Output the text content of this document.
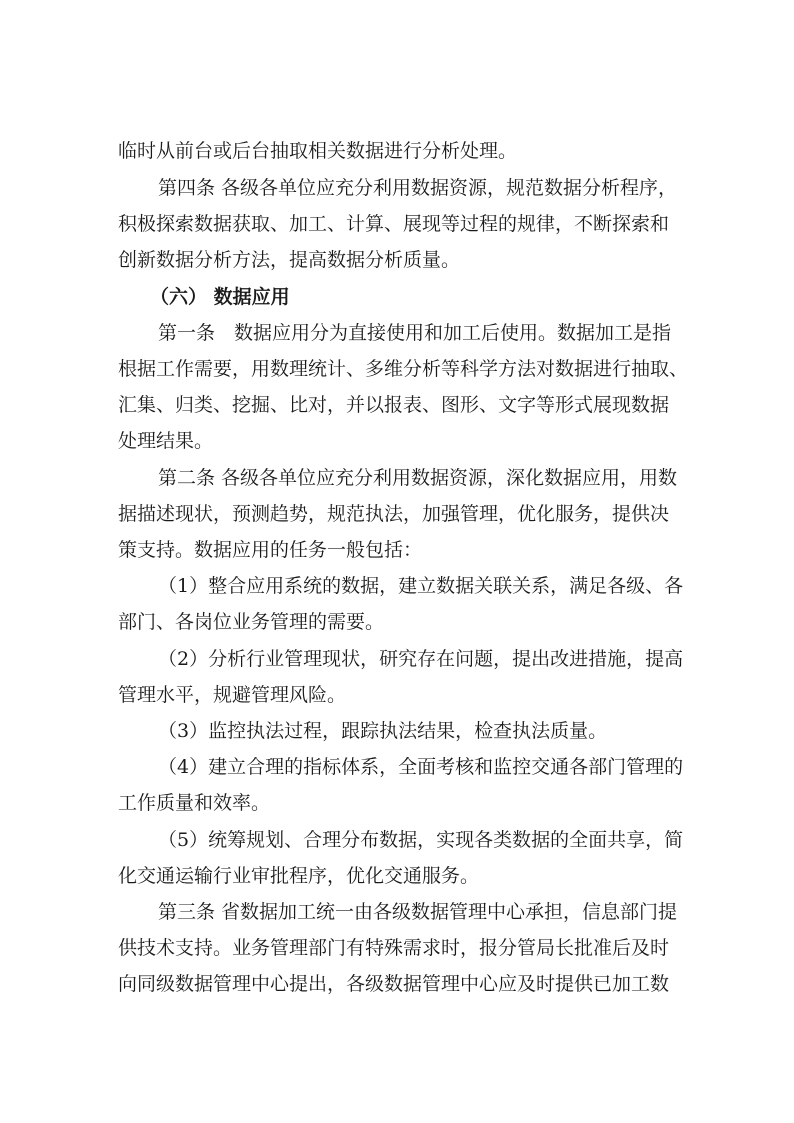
临时从前台或后台抽取相关数据进行分析处理。
第四条 各级各单位应充分利用数据资源，规范数据分析程序，
积极探索数据获取、加工、计算、展现等过程的规律，不断探索和
创新数据分析方法，提高数据分析质量。
（六） 数据应用
第一条　数据应用分为直接使用和加工后使用。数据加工是指
根据工作需要，用数理统计、多维分析等科学方法对数据进行抽取、
汇集、归类、挖掘、比对，并以报表、图形、文字等形式展现数据
处理结果。
第二条 各级各单位应充分利用数据资源，深化数据应用，用数
据描述现状，预测趋势，规范执法，加强管理，优化服务，提供决
策支持。数据应用的任务一般包括：
（1）整合应用系统的数据，建立数据关联关系，满足各级、各
部门、各岗位业务管理的需要。
（2）分析行业管理现状，研究存在问题，提出改进措施，提高
管理水平，规避管理风险。
（3）监控执法过程，跟踪执法结果，检查执法质量。
（4）建立合理的指标体系，全面考核和监控交通各部门管理的
工作质量和效率。
（5）统筹规划、合理分布数据，实现各类数据的全面共享，简
化交通运输行业审批程序，优化交通服务。
第三条 省数据加工统一由各级数据管理中心承担，信息部门提
供技术支持。业务管理部门有特殊需求时，报分管局长批准后及时
向同级数据管理中心提出，各级数据管理中心应及时提供已加工数
